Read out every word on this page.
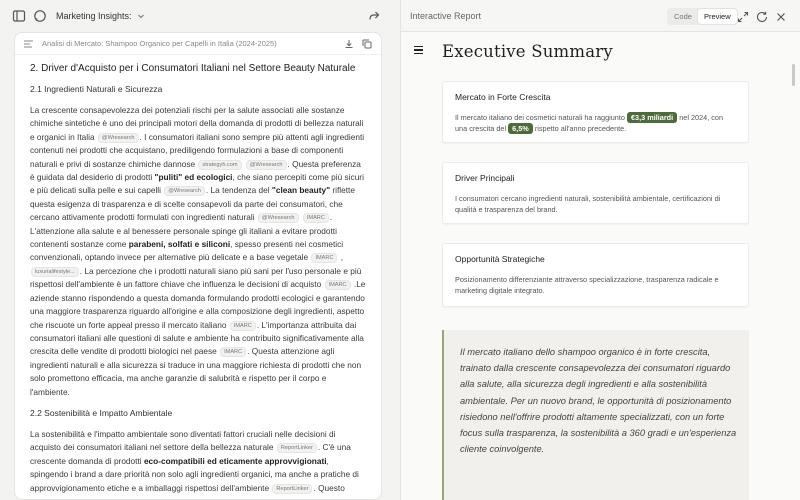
Marketing Insights:	Interactive Report	Code	Preview
Analisi di Mercato: Shampoo Organico per Capelli in Italia (2024-2025)
2. Driver d'Acquisto per i Consumatori Italiani nel Settore Beauty Naturale
2.1 Ingredienti Naturali e Sicurezza

La crescente consapevolezza dei potenziali rischi per la salute associati alle sostanze chimiche sintetiche è uno dei principali motori della domanda di prodotti di bellezza naturali e organici in Italia @Wresearch . I consumatori italiani sono sempre più attenti agli ingredienti contenuti nei prodotti che acquistano, prediligendo formulazioni a base di componenti naturali e privi di sostanze chimiche dannose strategyh.com @Wresearch . Questa preferenza è guidata dal desiderio di prodotti "puliti" ed ecologici, che siano percepiti come più sicuri e più delicati sulla pelle e sui capelli @Wresearch . La tendenza del "clean beauty" riflette questa esigenza di trasparenza e di scelte consapevoli da parte dei consumatori, che cercano attivamente prodotti formulati con ingredienti naturali @Wresearch IMARC . L'attenzione alla salute e al benessere personale spinge gli italiani a evitare prodotti contenenti sostanze come parabeni, solfati e siliconi, spesso presenti nei cosmetici convenzionali, optando invece per alternative più delicate e a base vegetale IMARC , luxurialifestyle... . La percezione che i prodotti naturali siano più sani per l'uso personale e più rispettosi dell'ambiente è un fattore chiave che influenza le decisioni di acquisto IMARC .Le aziende stanno rispondendo a questa domanda formulando prodotti ecologici e garantendo una maggiore trasparenza riguardo all'origine e alla composizione degli ingredienti, aspetto che riscuote un forte appeal presso il mercato italiano IMARC . L'importanza attribuita dai consumatori italiani alle questioni di salute e ambiente ha contribuito significativamente alla crescita delle vendite di prodotti biologici nel paese IMARC . Questa attenzione agli ingredienti naturali e alla sicurezza si traduce in una maggiore richiesta di prodotti che non solo promettono efficacia, ma anche garanzie di salubrità e rispetto per il corpo e l'ambiente.

2.2 Sostenibilità e Impatto Ambientale

La sostenibilità e l'impatto ambientale sono diventati fattori cruciali nelle decisioni di acquisto dei consumatori italiani nel settore della bellezza naturale ReportLinker . C'è una crescente domanda di prodotti eco-compatibili ed eticamente approvvigionati, spingendo i brand a dare priorità non solo agli ingredienti organici, ma anche a pratiche di approvvigionamento etiche e a imballaggi rispettosi dell'ambiente ReportLinker . Questo

Executive Summary
Mercato in Forte Crescita

Il mercato italiano dei cosmetici naturali ha raggiunto €3,3 miliardi nel 2024, con una crescita del 6,5% rispetto all'anno precedente.

Driver Principali

I consumatori cercano ingredienti naturali, sostenibilità ambientale, certificazioni di qualità e trasparenza del brand.

Opportunità Strategiche

Posizionamento differenziante attraverso specializzazione, trasparenza radicale e marketing digitale integrato.

Il mercato italiano dello shampoo organico è in forte crescita, trainato dalla crescente consapevolezza dei consumatori riguardo alla salute, alla sicurezza degli ingredienti e alla sostenibilità ambientale. Per un nuovo brand, le opportunità di posizionamento risiedono nell'offrire prodotti altamente specializzati, con un forte focus sulla trasparenza, la sostenibilità a 360 gradi e un'esperienza cliente coinvolgente.
